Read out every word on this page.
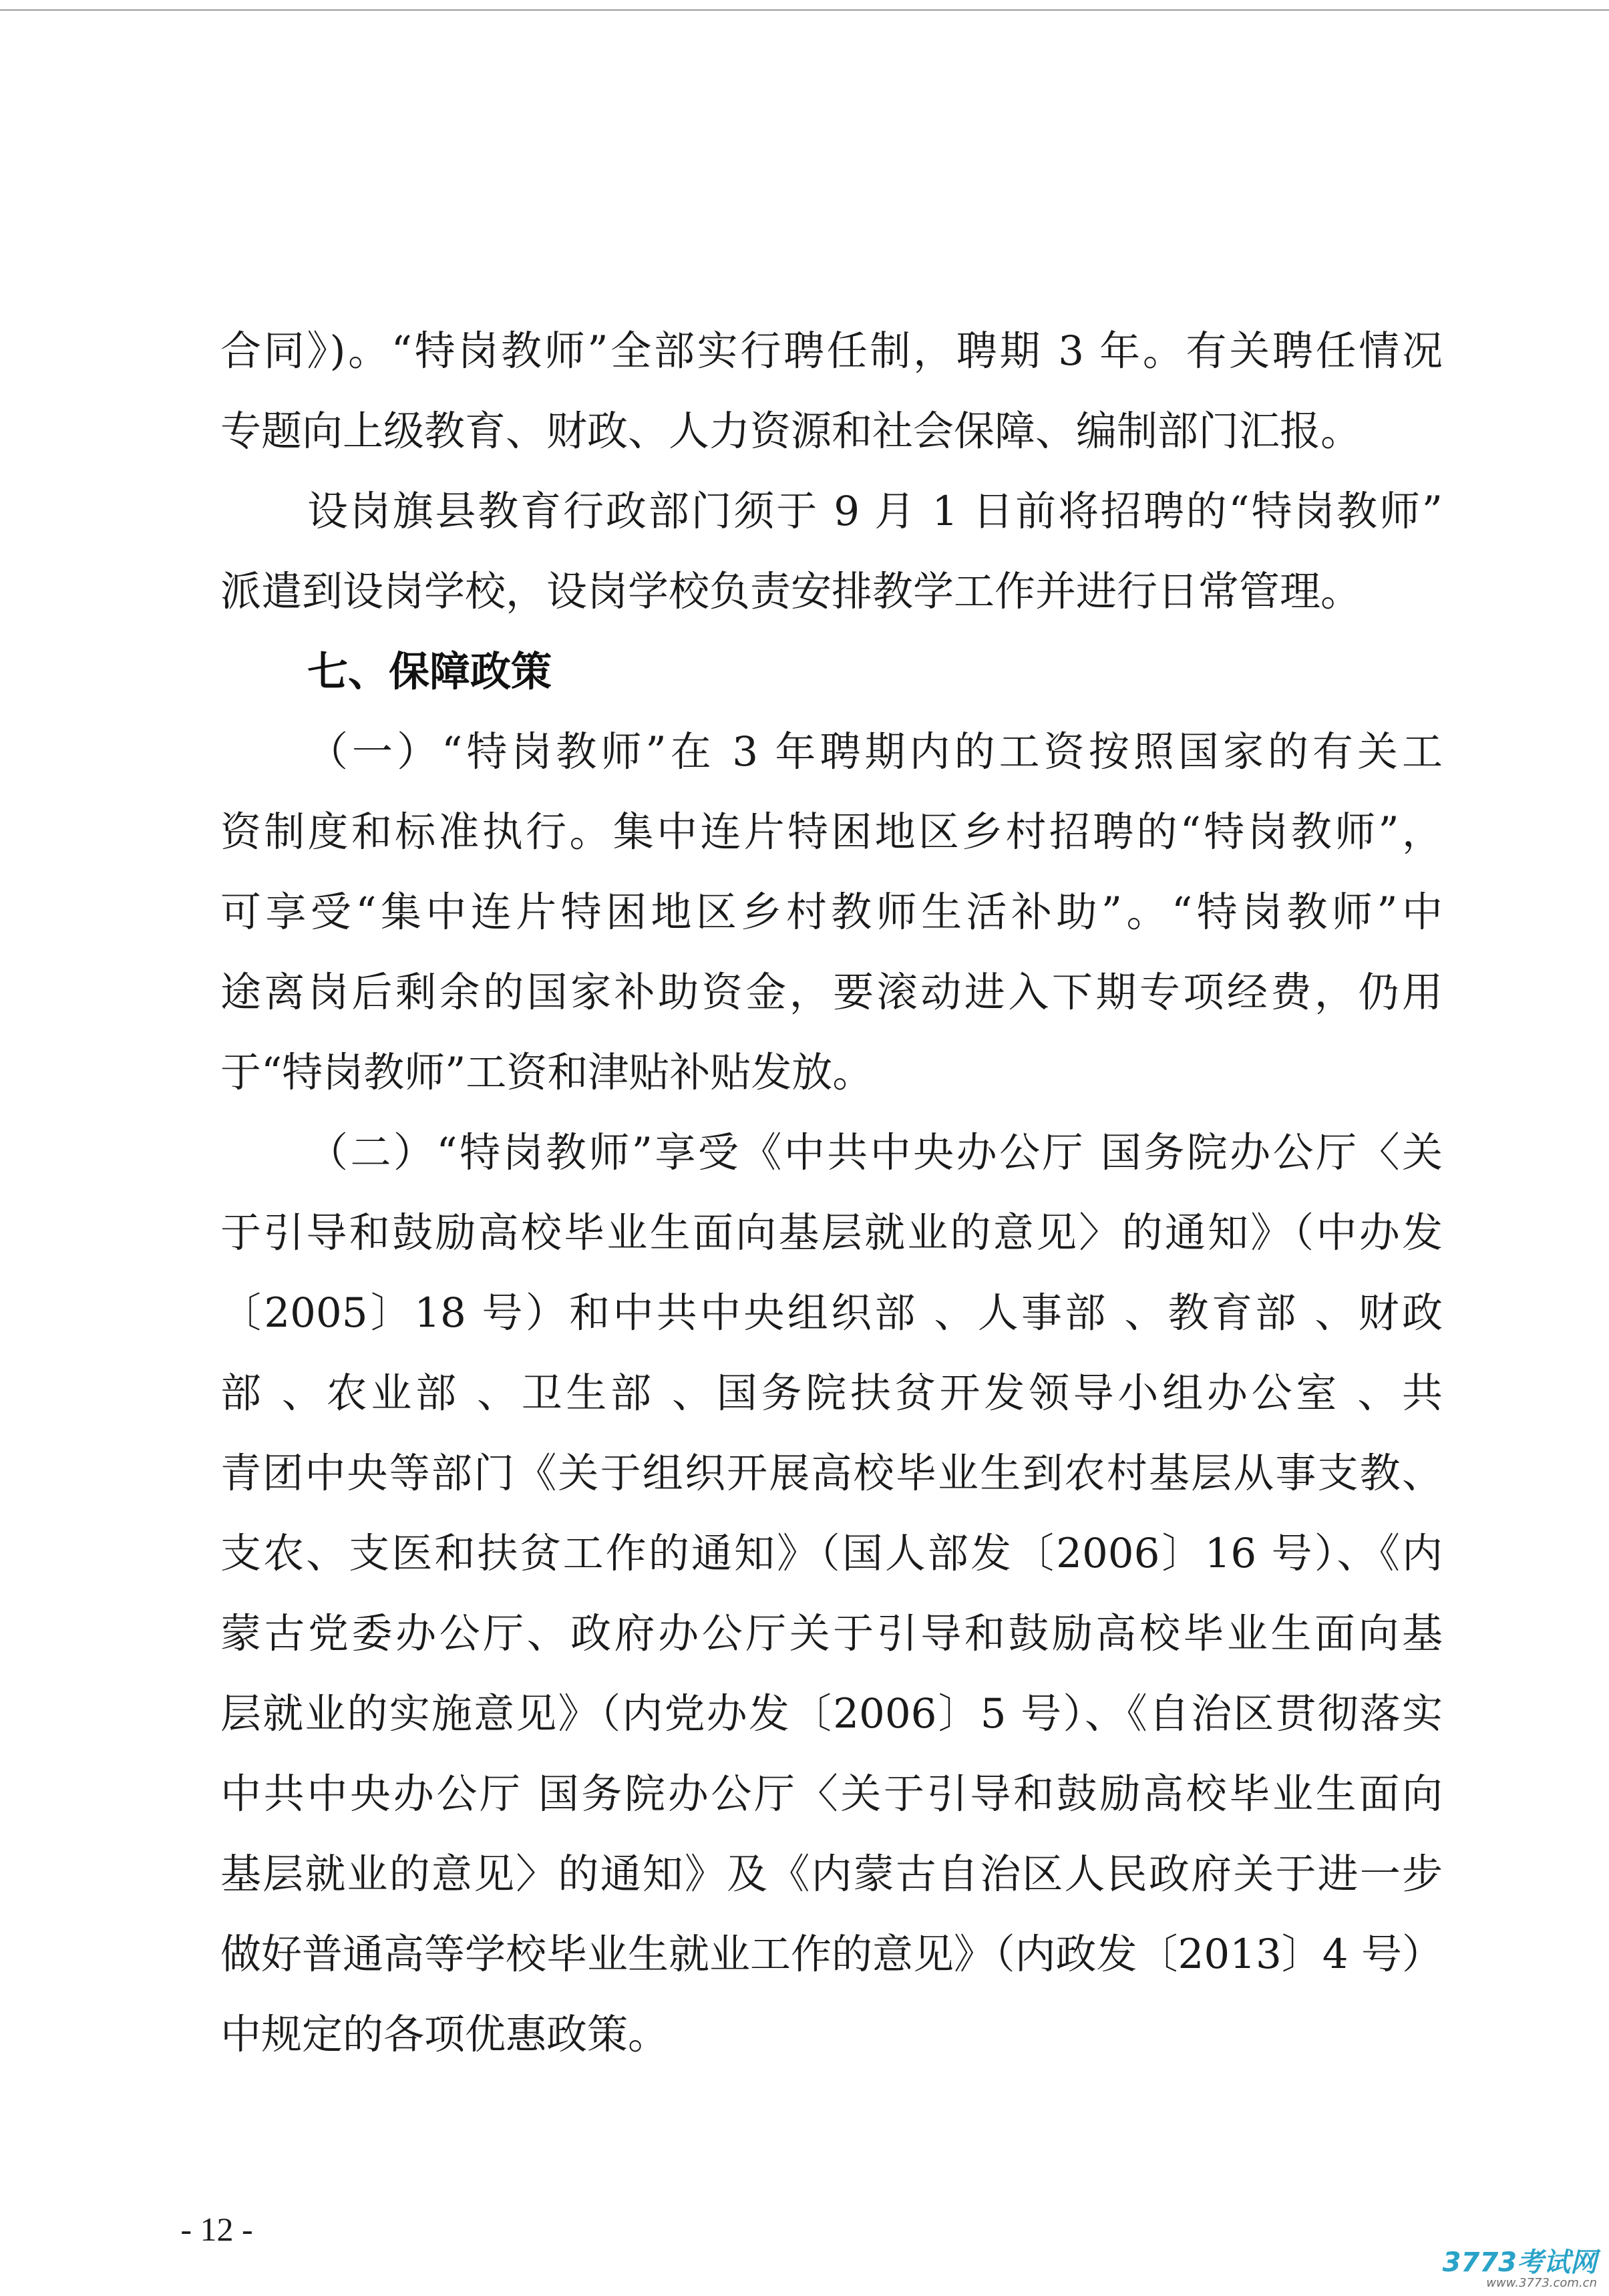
合同》)。“特岗教师”全部实行聘任制，聘期 3 年。有关聘任情况
专题向上级教育、财政、人力资源和社会保障、编制部门汇报。
设岗旗县教育行政部门须于 9 月 1 日前将招聘的“特岗教师”
派遣到设岗学校，设岗学校负责安排教学工作并进行日常管理。
七、保障政策
（一）“特岗教师”在 3 年聘期内的工资按照国家的有关工
资制度和标准执行。集中连片特困地区乡村招聘的“特岗教师”，
可享受“集中连片特困地区乡村教师生活补助”。“特岗教师”中
途离岗后剩余的国家补助资金，要滚动进入下期专项经费，仍用
于“特岗教师”工资和津贴补贴发放。
（二）“特岗教师”享受《中共中央办公厅 国务院办公厅〈关
于引导和鼓励高校毕业生面向基层就业的意见〉的通知》（中办发
〔2005〕18 号）和中共中央组织部 、人事部 、教育部 、财政
部 、农业部 、卫生部 、国务院扶贫开发领导小组办公室 、共
青团中央等部门《关于组织开展高校毕业生到农村基层从事支教、
支农、支医和扶贫工作的通知》（国人部发〔2006〕16 号）、《内
蒙古党委办公厅、政府办公厅关于引导和鼓励高校毕业生面向基
层就业的实施意见》（内党办发〔2006〕5 号）、《自治区贯彻落实
中共中央办公厅 国务院办公厅〈关于引导和鼓励高校毕业生面向
基层就业的意见〉的通知》及《内蒙古自治区人民政府关于进一步
做好普通高等学校毕业生就业工作的意见》（内政发〔2013〕4 号）
中规定的各项优惠政策。
- 12 -
3773考试网
www.3773.com.cn
